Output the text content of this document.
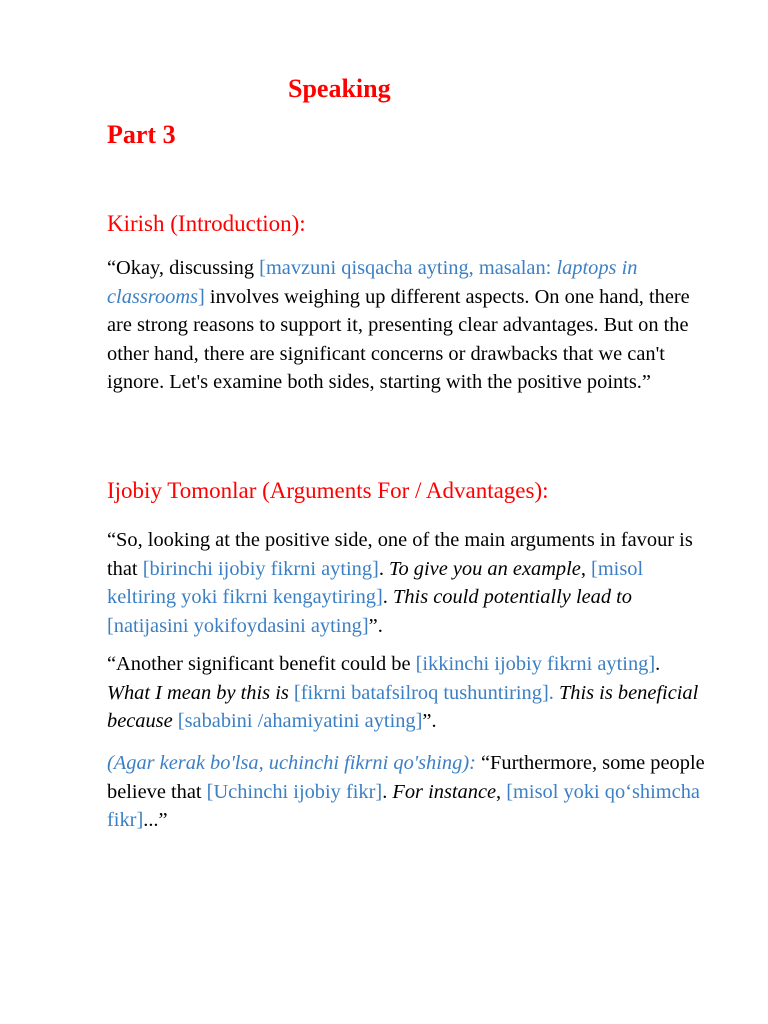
Speaking
Part 3
Kirish (Introduction):

“Okay, discussing [mavzuni qisqacha ayting, masalan: laptops in classrooms] involves weighing up different aspects. On one hand, there are strong reasons to support it, presenting clear advantages. But on the other hand, there are significant concerns or drawbacks that we can't ignore. Let's examine both sides, starting with the positive points.”

Ijobiy Tomonlar (Arguments For / Advantages):

“So, looking at the positive side, one of the main arguments in favour is that [birinchi ijobiy fikrni ayting]. To give you an example, [misol keltiring yoki fikrni kengaytiring]. This could potentially lead to [natijasini yokifoydasini ayting]”.

“Another significant benefit could be [ikkinchi ijobiy fikrni ayting]. What I mean by this is [fikrni batafsilroq tushuntiring]. This is beneficial because [sababini /ahamiyatini ayting]”.

(Agar kerak bo'lsa, uchinchi fikrni qo'shing): “Furthermore, some people believe that [Uchinchi ijobiy fikr]. For instance, [misol yoki qo‘shimcha fikr]...”
